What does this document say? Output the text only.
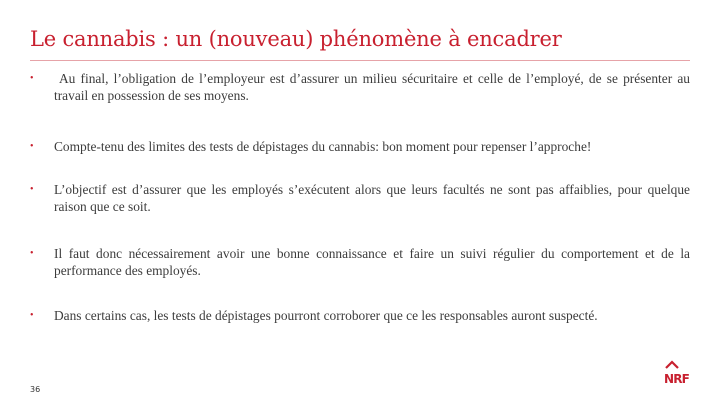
Le cannabis : un (nouveau) phénomène à encadrer
•	Au final, l’obligation de l’employeur est d’assurer un milieu sécuritaire et celle de l’employé, de se présenter au travail en possession de ses moyens.
•	Compte-tenu des limites des tests de dépistages du cannabis: bon moment pour repenser l’approche!
•	L’objectif est d’assurer que les employés s’exécutent alors que leurs facultés ne sont pas affaiblies, pour quelque raison que ce soit.
•	Il faut donc nécessairement avoir une bonne connaissance et faire un suivi régulier du comportement et de la performance des employés.
•	Dans certains cas, les tests de dépistages pourront corroborer que ce les responsables auront suspecté.
36
NRF
